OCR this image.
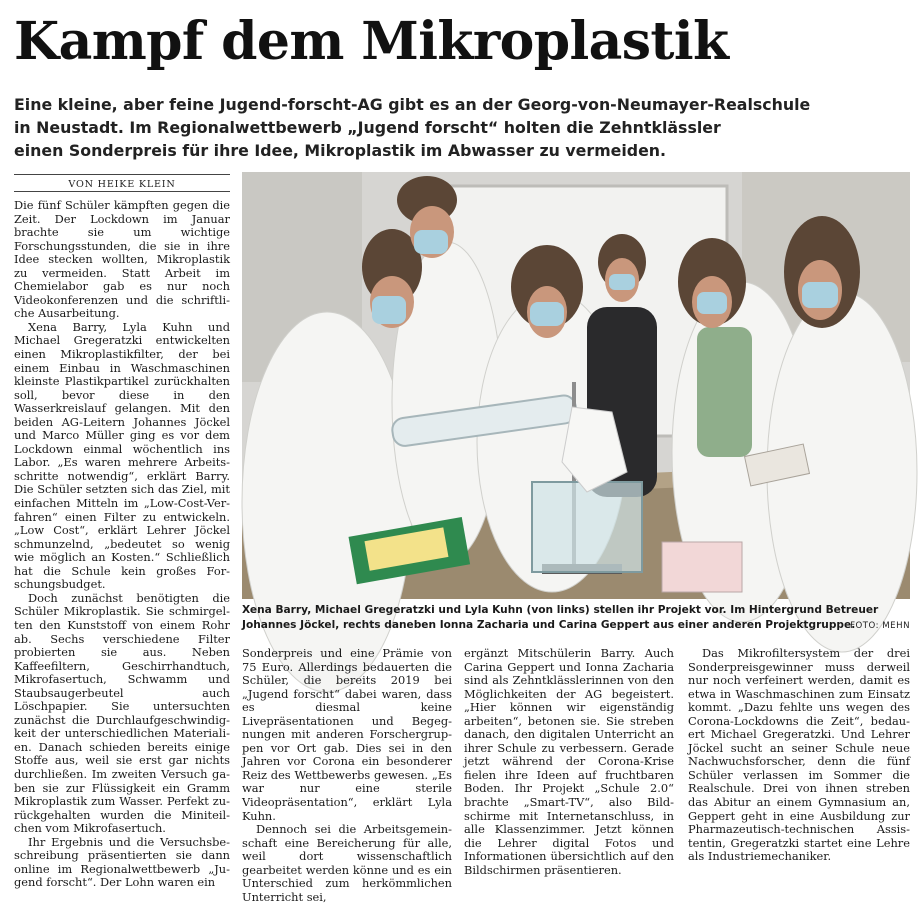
Kampf dem Mikroplastik
Eine kleine, aber feine Jugend-forscht-AG gibt es an der Georg-von-Neumayer-Realschule
in Neustadt. Im Regionalwettbewerb „Jugend forscht“ holten die Zehntklässler
einen Sonderpreis für ihre Idee, Mikroplastik im Abwasser zu vermeiden.
VON HEIKE KLEIN

Die fünf Schüler kämpften gegen die Zeit. Der Lockdown im Januar brachte sie um wichtige Forschungsstunden, die sie in ihre Idee stecken wollten, Mikroplastik zu vermeiden. Statt Arbeit im Chemielabor gab es nur noch Videokonferenzen und die schriftliche Ausarbeitung.

Xena Barry, Lyla Kuhn und Michael Gregeratzki entwickelten einen Mikroplastikfilter, der bei einem Einbau in Waschmaschinen kleinste Plastikpartikel zurückhalten soll, bevor diese in den Wasserkreislauf gelangen. Mit den beiden AG-Leitern Johannes Jöckel und Marco Müller ging es vor dem Lockdown einmal wöchentlich ins Labor. „Es waren mehrere Arbeitsschritte notwendig“, erklärt Barry. Die Schüler setzten sich das Ziel, mit einfachen Mitteln im „Low-Cost-Verfahren“ einen Filter zu entwickeln. „Low Cost“, erklärt Lehrer Jöckel schmunzelnd, „bedeutet so wenig wie möglich an Kosten.“ Schließlich hat die Schule kein großes Forschungsbudget.

Doch zunächst benötigten die Schüler Mikroplastik. Sie schmirgelten den Kunststoff von einem Rohr ab. Sechs verschiedene Filter probierten sie aus. Neben Kaffeefiltern, Geschirrhandtuch, Mikrofasertuch, Schwamm und Staubsaugerbeutel auch Löschpapier. Sie untersuchten zunächst die Durchlaufgeschwindigkeit der unterschiedlichen Materialien. Danach schieden bereits einige Stoffe aus, weil sie erst gar nichts durchließen. Im zweiten Versuch gaben sie zur Flüssigkeit ein Gramm Mikroplastik zum Wasser. Perfekt zurückgehalten wurden die Miniteilchen vom Mikrofasertuch.

Ihr Ergebnis und die Versuchsbeschreibung präsentierten sie dann online im Regionalwettbewerb „Jugend forscht“. Der Lohn waren ein

Xena Barry, Michael Gregeratzki und Lyla Kuhn (von links) stellen ihr Projekt vor. Im Hintergrund Betreuer Johannes Jöckel, rechts daneben Ionna Zacharia und Carina Geppert aus einer anderen Projektgruppe.
FOTO: MEHN

Sonderpreis und eine Prämie von 75 Euro. Allerdings bedauerten die Schüler, die bereits 2019 bei „Jugend forscht“ dabei waren, dass es diesmal keine Livepräsentationen und Begegnungen mit anderen Forschergruppen vor Ort gab. Dies sei in den Jahren vor Corona ein besonderer Reiz des Wettbewerbs gewesen. „Es war nur eine sterile Videopräsentation“, erklärt Lyla Kuhn.

Dennoch sei die Arbeitsgemeinschaft eine Bereicherung für alle, weil dort wissenschaftlich gearbeitet werden könne und es ein Unterschied zum herkömmlichen Unterricht sei,

ergänzt Mitschülerin Barry. Auch Carina Geppert und Ionna Zacharia sind als Zehntklässlerinnen von den Möglichkeiten der AG begeistert. „Hier können wir eigenständig arbeiten“, betonen sie. Sie streben danach, den digitalen Unterricht an ihrer Schule zu verbessern. Gerade jetzt während der Corona-Krise fielen ihre Ideen auf fruchtbaren Boden. Ihr Projekt „Schule 2.0“ brachte „Smart-TV“, also Bildschirme mit Internetanschluss, in alle Klassenzimmer. Jetzt können die Lehrer digital Fotos und Informationen übersichtlich auf den Bildschirmen präsentieren.

Das Mikrofiltersystem der drei Sonderpreisgewinner muss derweil nur noch verfeinert werden, damit es etwa in Waschmaschinen zum Einsatz kommt. „Dazu fehlte uns wegen des Corona-Lockdowns die Zeit“, bedauert Michael Gregeratzki. Und Lehrer Jöckel sucht an seiner Schule neue Nachwuchsforscher, denn die fünf Schüler verlassen im Sommer die Realschule. Drei von ihnen streben das Abitur an einem Gymnasium an, Geppert geht in eine Ausbildung zur Pharmazeutisch-technischen Assistentin, Gregeratzki startet eine Lehre als Industriemechaniker.
